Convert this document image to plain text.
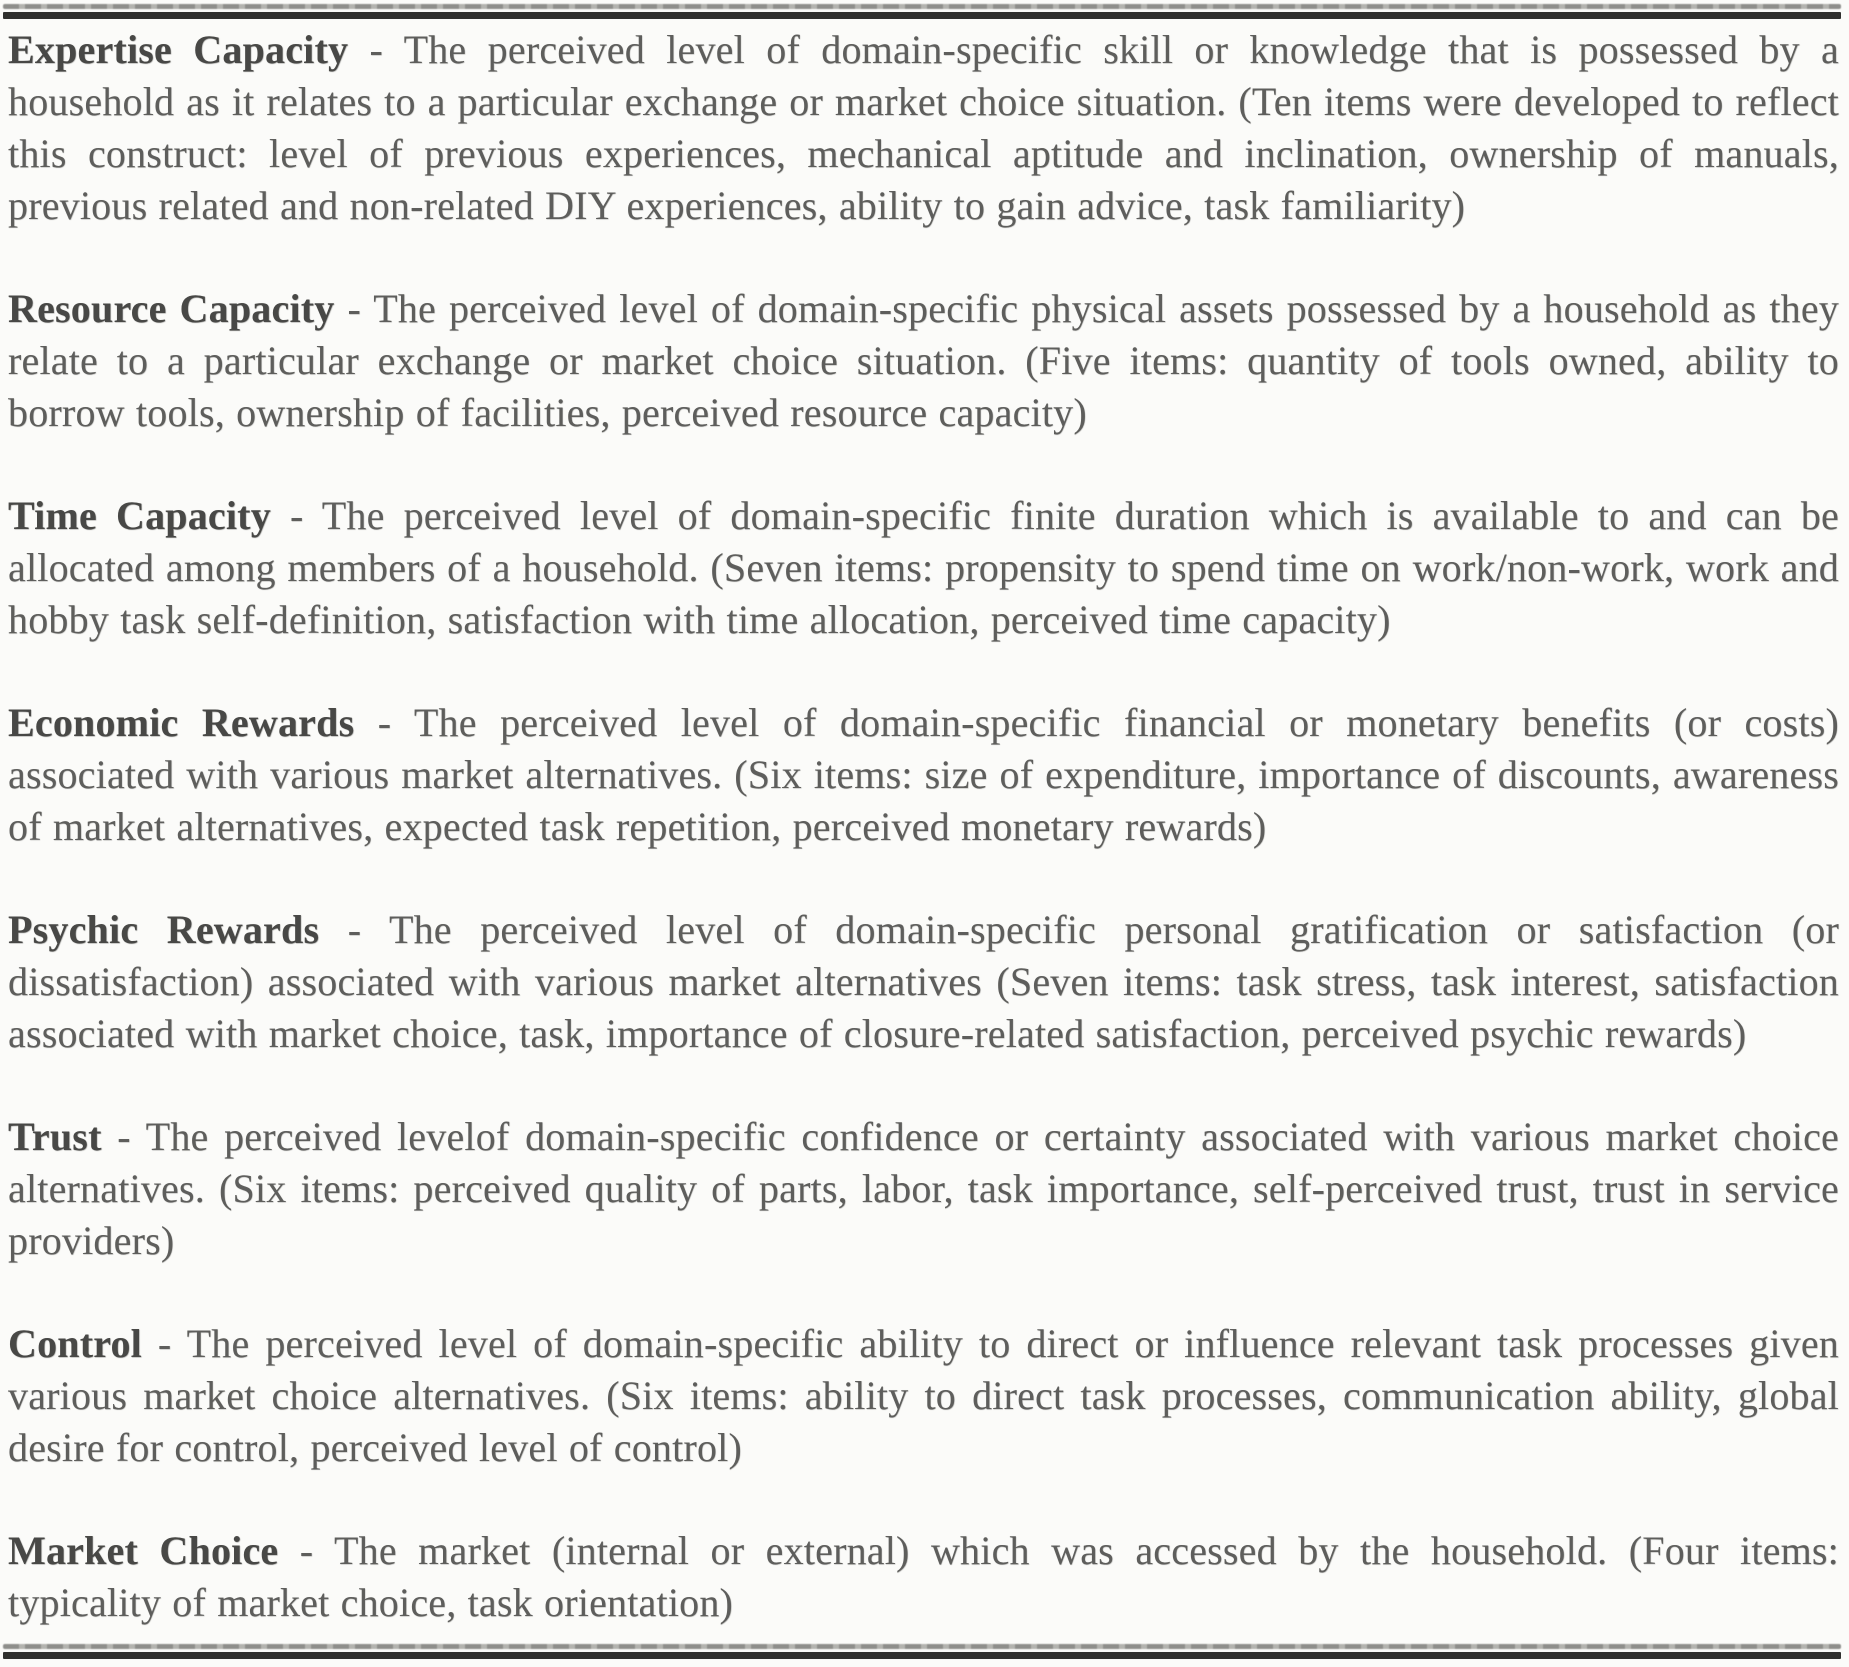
Expertise Capacity - The perceived level of domain-specific skill or knowledge that is possessed by a household as it relates to a particular exchange or market choice situation. (Ten items were developed to reflect this construct: level of previous experiences, mechanical aptitude and inclination, ownership of manuals, previous related and non-related DIY experiences, ability to gain advice, task familiarity)

Resource Capacity - The perceived level of domain-specific physical assets possessed by a household as they relate to a particular exchange or market choice situation. (Five items: quantity of tools owned, ability to borrow tools, ownership of facilities, perceived resource capacity)

Time Capacity - The perceived level of domain-specific finite duration which is available to and can be allocated among members of a household. (Seven items: propensity to spend time on work/non-work, work and hobby task self-definition, satisfaction with time allocation, perceived time capacity)

Economic Rewards - The perceived level of domain-specific financial or monetary benefits (or costs) associated with various market alternatives. (Six items: size of expenditure, importance of discounts, awareness of market alternatives, expected task repetition, perceived monetary rewards)

Psychic Rewards - The perceived level of domain-specific personal gratification or satisfaction (or dissatisfaction) associated with various market alternatives (Seven items: task stress, task interest, satisfaction associated with market choice, task, importance of closure-related satisfaction, perceived psychic rewards)

Trust - The perceived levelof domain-specific confidence or certainty associated with various market choice alternatives. (Six items: perceived quality of parts, labor, task importance, self-perceived trust, trust in service providers)

Control - The perceived level of domain-specific ability to direct or influence relevant task processes given various market choice alternatives. (Six items: ability to direct task processes, communication ability, global desire for control, perceived level of control)

Market Choice - The market (internal or external) which was accessed by the household. (Four items: typicality of market choice, task orientation)
